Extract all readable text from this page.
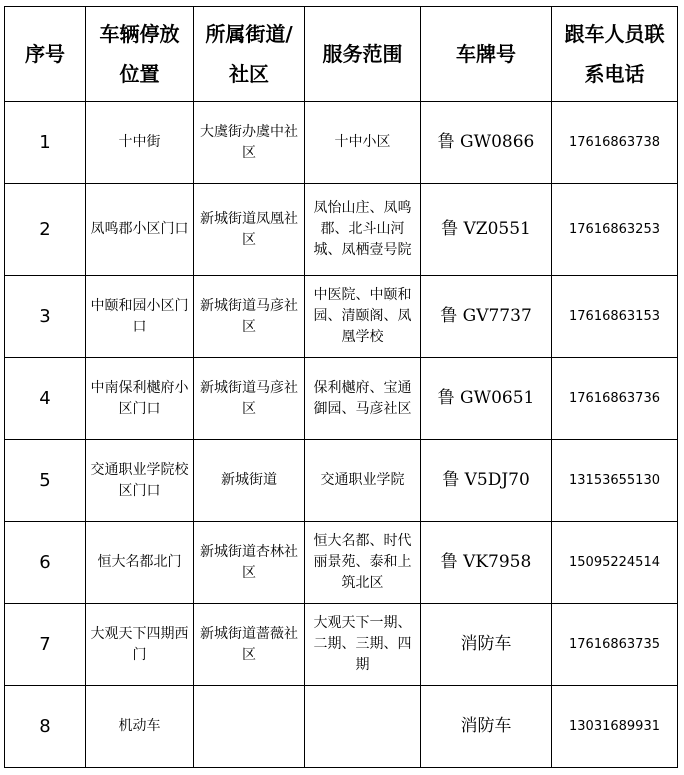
序号	车辆停放位置	所属街道/社区	服务范围	车牌号	跟车人员联系电话
1	十中街	大虞街办虞中社区	十中小区	鲁 GW0866	17616863738
2	凤鸣郡小区门口	新城街道凤凰社区	凤怡山庄、凤鸣郡、北斗山河城、凤栖壹号院	鲁 VZ0551	17616863253
3	中颐和园小区门口	新城街道马彦社区	中医院、中颐和园、清颐阁、凤凰学校	鲁 GV7737	17616863153
4	中南保利樾府小区门口	新城街道马彦社区	保利樾府、宝通御园、马彦社区	鲁 GW0651	17616863736
5	交通职业学院校区门口	新城街道	交通职业学院	鲁 V5DJ70	13153655130
6	恒大名都北门	新城街道杏林社区	恒大名都、时代丽景苑、泰和上筑北区	鲁 VK7958	15095224514
7	大观天下四期西门	新城街道蔷薇社区	大观天下一期、二期、三期、四期	消防车	17616863735
8	机动车			消防车	13031689931
